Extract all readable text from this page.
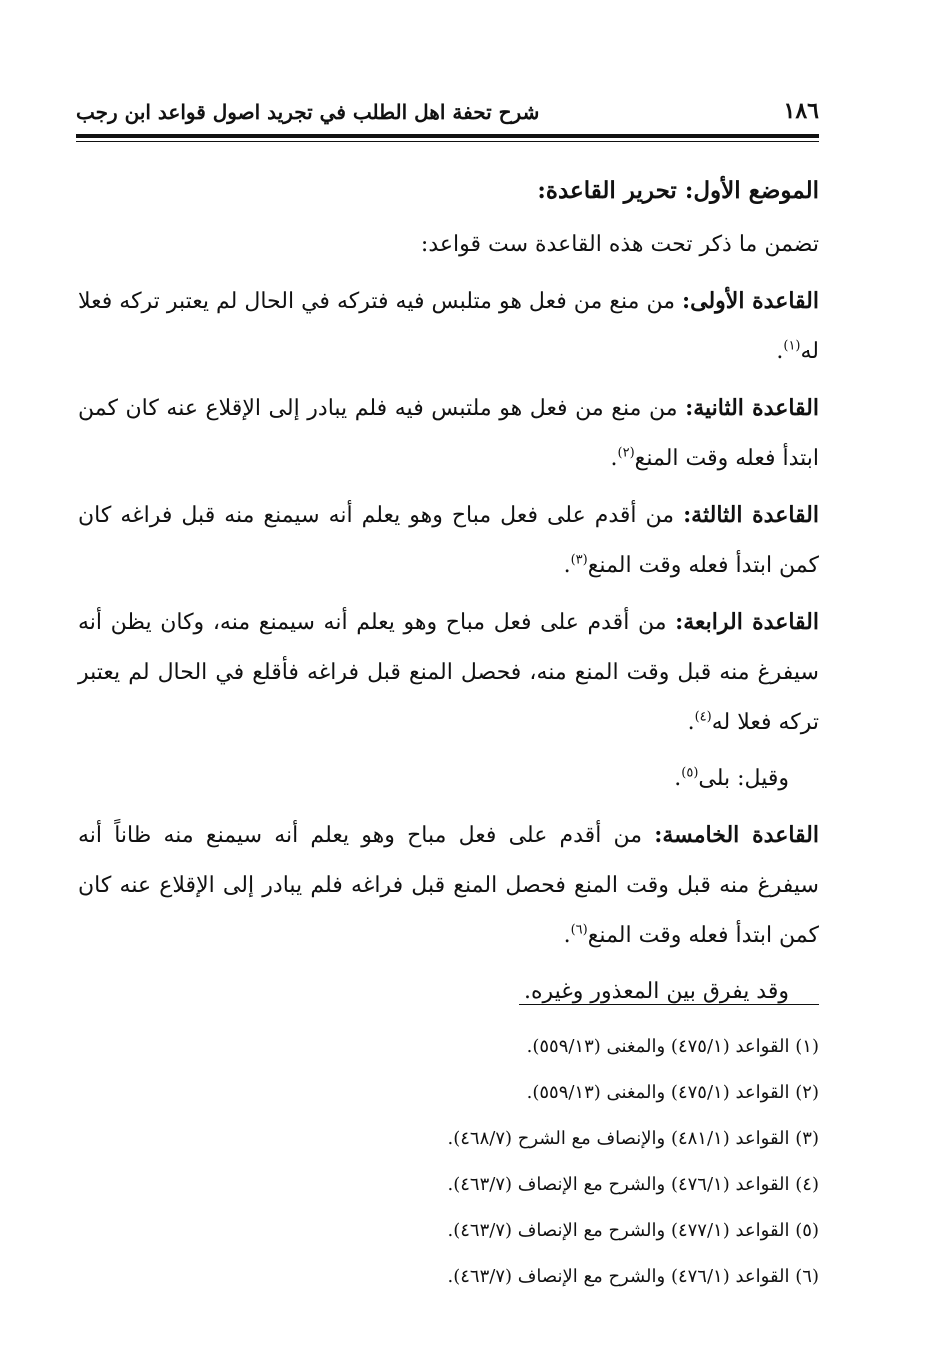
١٨٦
شرح تحفة اهل الطلب في تجريد اصول قواعد ابن رجب

الموضع الأول: تحرير القاعدة:

تضمن ما ذكر تحت هذه القاعدة ست قواعد:

القاعدة الأولى: من منع من فعل هو متلبس فيه فتركه في الحال لم يعتبر تركه فعلا له$^{(١)}$.

القاعدة الثانية: من منع من فعل هو ملتبس فيه فلم يبادر إلى الإقلاع عنه كان كمن ابتدأ فعله وقت المنع$^{(٢)}$.

القاعدة الثالثة: من أقدم على فعل مباح وهو يعلم أنه سيمنع منه قبل فراغه كان كمن ابتدأ فعله وقت المنع$^{(٣)}$.

القاعدة الرابعة: من أقدم على فعل مباح وهو يعلم أنه سيمنع منه، وكان يظن أنه سيفرغ منه قبل وقت المنع منه، فحصل المنع قبل فراغه فأقلع في الحال لم يعتبر تركه فعلا له$^{(٤)}$.

وقيل: بلى$^{(٥)}$.

القاعدة الخامسة: من أقدم على فعل مباح وهو يعلم أنه سيمنع منه ظاناً أنه سيفرغ منه قبل وقت المنع فحصل المنع قبل فراغه فلم يبادر إلى الإقلاع عنه كان كمن ابتدأ فعله وقت المنع$^{(٦)}$.

وقد يفرق بين المعذور وغيره.

(١) القواعد (٤٧٥/١) والمغنى (٥٥٩/١٣).

(٢) القواعد (٤٧٥/١) والمغنى (٥٥٩/١٣).

(٣) القواعد (٤٨١/١) والإنصاف مع الشرح (٤٦٨/٧).

(٤) القواعد (٤٧٦/١) والشرح مع الإنصاف (٤٦٣/٧).

(٥) القواعد (٤٧٧/١) والشرح مع الإنصاف (٤٦٣/٧).

(٦) القواعد (٤٧٦/١) والشرح مع الإنصاف (٤٦٣/٧).
